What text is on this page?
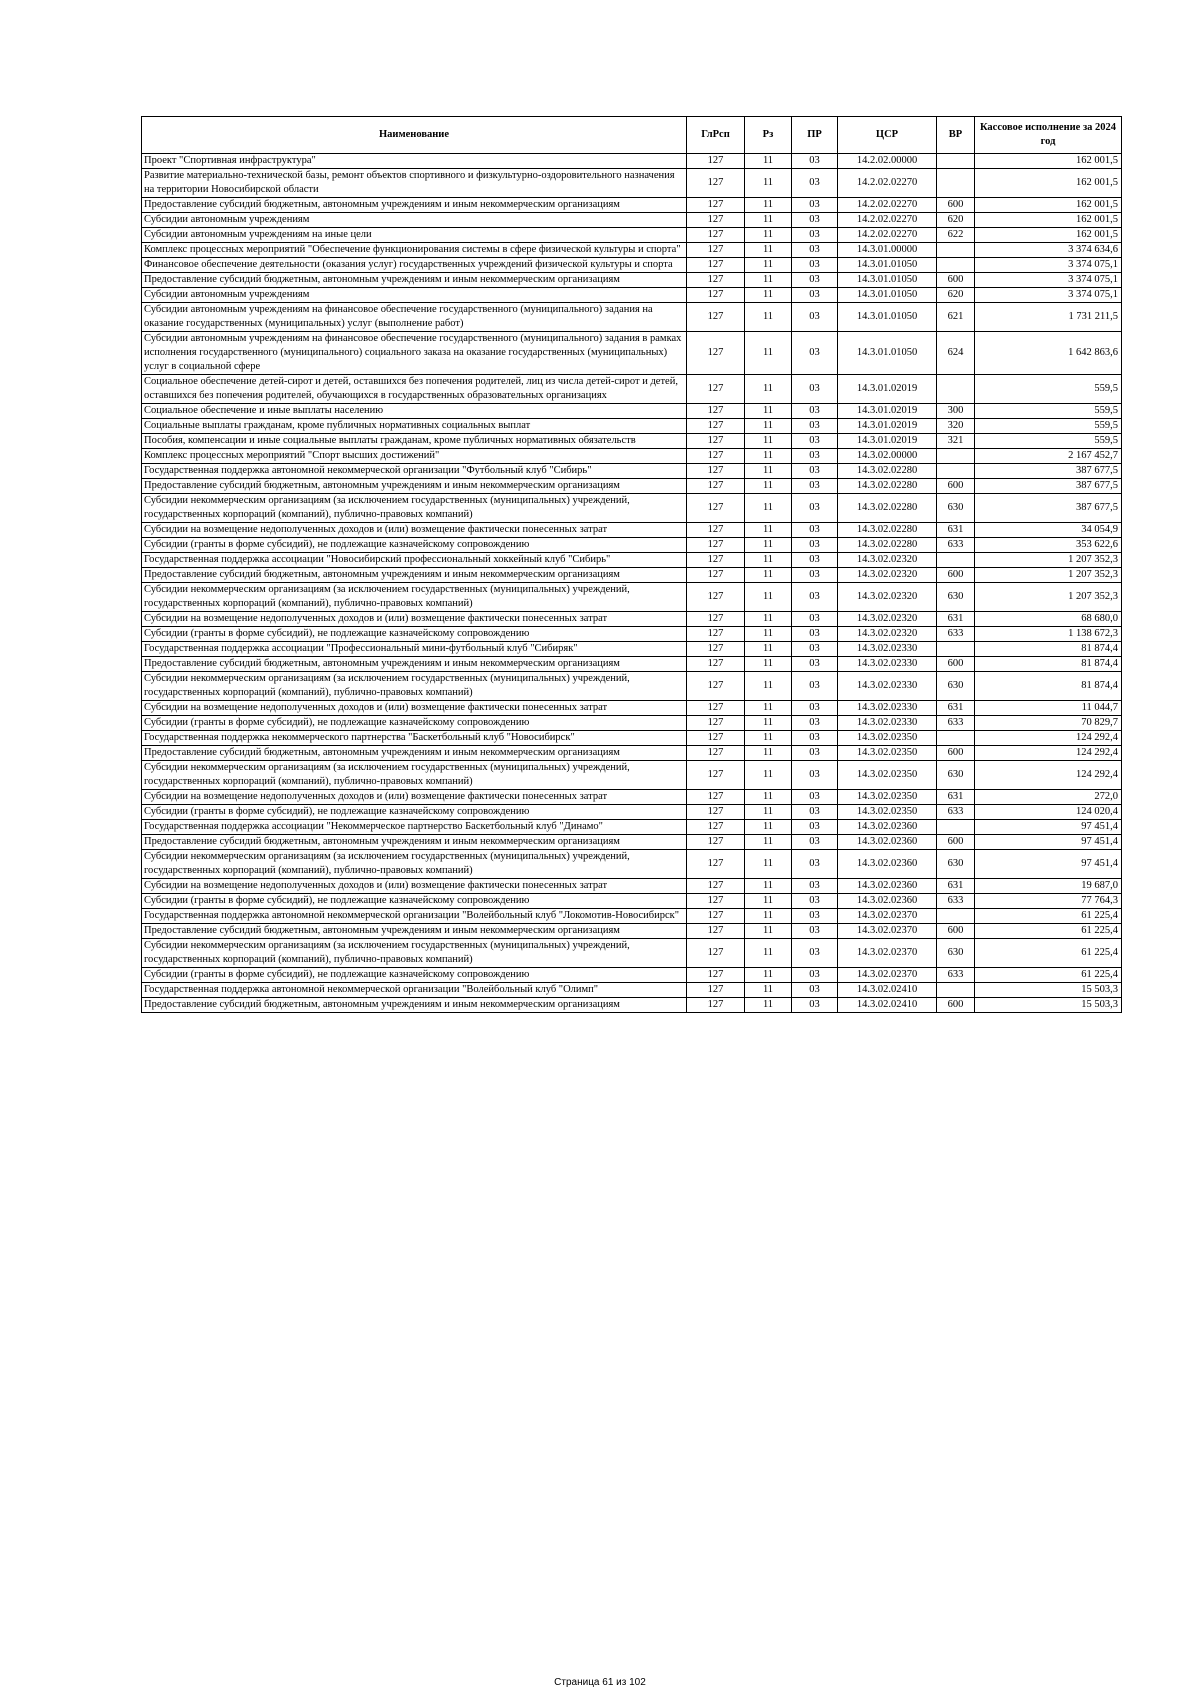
Наименование	ГлРсп	Рз	ПР	ЦСР	ВР	Кассовое исполнение за 2024 год
Проект "Спортивная инфраструктура"	127	11	03	14.2.02.00000		162 001,5
Развитие материально-технической базы, ремонт объектов спортивного и физкультурно-оздоровительного назначения на территории Новосибирской области	127	11	03	14.2.02.02270		162 001,5
Предоставление субсидий бюджетным, автономным учреждениям и иным некоммерческим организациям	127	11	03	14.2.02.02270	600	162 001,5
Субсидии автономным учреждениям	127	11	03	14.2.02.02270	620	162 001,5
Субсидии автономным учреждениям на иные цели	127	11	03	14.2.02.02270	622	162 001,5
Комплекс процессных мероприятий "Обеспечение функционирования системы в сфере физической культуры и спорта"	127	11	03	14.3.01.00000		3 374 634,6
Финансовое обеспечение деятельности (оказания услуг) государственных учреждений физической культуры и спорта	127	11	03	14.3.01.01050		3 374 075,1
Предоставление субсидий бюджетным, автономным учреждениям и иным некоммерческим организациям	127	11	03	14.3.01.01050	600	3 374 075,1
Субсидии автономным учреждениям	127	11	03	14.3.01.01050	620	3 374 075,1
Субсидии автономным учреждениям на финансовое обеспечение государственного (муниципального) задания на оказание государственных (муниципальных) услуг (выполнение работ)	127	11	03	14.3.01.01050	621	1 731 211,5
Субсидии автономным учреждениям на финансовое обеспечение государственного (муниципального) задания в рамках исполнения государственного (муниципального) социального заказа на оказание государственных (муниципальных) услуг в социальной сфере	127	11	03	14.3.01.01050	624	1 642 863,6
Социальное обеспечение детей-сирот и детей, оставшихся без попечения родителей, лиц из числа детей-сирот и детей, оставшихся без попечения родителей, обучающихся в государственных образовательных организациях	127	11	03	14.3.01.02019		559,5
Социальное обеспечение и иные выплаты населению	127	11	03	14.3.01.02019	300	559,5
Социальные выплаты гражданам, кроме публичных нормативных социальных выплат	127	11	03	14.3.01.02019	320	559,5
Пособия, компенсации и иные социальные выплаты гражданам, кроме публичных нормативных обязательств	127	11	03	14.3.01.02019	321	559,5
Комплекс процессных мероприятий "Спорт высших достижений"	127	11	03	14.3.02.00000		2 167 452,7
Государственная поддержка автономной некоммерческой организации "Футбольный клуб "Сибирь"	127	11	03	14.3.02.02280		387 677,5
Предоставление субсидий бюджетным, автономным учреждениям и иным некоммерческим организациям	127	11	03	14.3.02.02280	600	387 677,5
Субсидии некоммерческим организациям (за исключением государственных (муниципальных) учреждений, государственных корпораций (компаний), публично-правовых компаний)	127	11	03	14.3.02.02280	630	387 677,5
Субсидии на возмещение недополученных доходов и (или) возмещение фактически понесенных затрат	127	11	03	14.3.02.02280	631	34 054,9
Субсидии (гранты в форме субсидий), не подлежащие казначейскому сопровождению	127	11	03	14.3.02.02280	633	353 622,6
Государственная поддержка ассоциации "Новосибирский профессиональный хоккейный клуб "Сибирь"	127	11	03	14.3.02.02320		1 207 352,3
Предоставление субсидий бюджетным, автономным учреждениям и иным некоммерческим организациям	127	11	03	14.3.02.02320	600	1 207 352,3
Субсидии некоммерческим организациям (за исключением государственных (муниципальных) учреждений, государственных корпораций (компаний), публично-правовых компаний)	127	11	03	14.3.02.02320	630	1 207 352,3
Субсидии на возмещение недополученных доходов и (или) возмещение фактически понесенных затрат	127	11	03	14.3.02.02320	631	68 680,0
Субсидии (гранты в форме субсидий), не подлежащие казначейскому сопровождению	127	11	03	14.3.02.02320	633	1 138 672,3
Государственная поддержка ассоциации "Профессиональный мини-футбольный клуб "Сибиряк"	127	11	03	14.3.02.02330		81 874,4
Предоставление субсидий бюджетным, автономным учреждениям и иным некоммерческим организациям	127	11	03	14.3.02.02330	600	81 874,4
Субсидии некоммерческим организациям (за исключением государственных (муниципальных) учреждений, государственных корпораций (компаний), публично-правовых компаний)	127	11	03	14.3.02.02330	630	81 874,4
Субсидии на возмещение недополученных доходов и (или) возмещение фактически понесенных затрат	127	11	03	14.3.02.02330	631	11 044,7
Субсидии (гранты в форме субсидий), не подлежащие казначейскому сопровождению	127	11	03	14.3.02.02330	633	70 829,7
Государственная поддержка некоммерческого партнерства "Баскетбольный клуб "Новосибирск"	127	11	03	14.3.02.02350		124 292,4
Предоставление субсидий бюджетным, автономным учреждениям и иным некоммерческим организациям	127	11	03	14.3.02.02350	600	124 292,4
Субсидии некоммерческим организациям (за исключением государственных (муниципальных) учреждений, государственных корпораций (компаний), публично-правовых компаний)	127	11	03	14.3.02.02350	630	124 292,4
Субсидии на возмещение недополученных доходов и (или) возмещение фактически понесенных затрат	127	11	03	14.3.02.02350	631	272,0
Субсидии (гранты в форме субсидий), не подлежащие казначейскому сопровождению	127	11	03	14.3.02.02350	633	124 020,4
Государственная поддержка ассоциации "Некоммерческое партнерство Баскетбольный клуб "Динамо"	127	11	03	14.3.02.02360		97 451,4
Предоставление субсидий бюджетным, автономным учреждениям и иным некоммерческим организациям	127	11	03	14.3.02.02360	600	97 451,4
Субсидии некоммерческим организациям (за исключением государственных (муниципальных) учреждений, государственных корпораций (компаний), публично-правовых компаний)	127	11	03	14.3.02.02360	630	97 451,4
Субсидии на возмещение недополученных доходов и (или) возмещение фактически понесенных затрат	127	11	03	14.3.02.02360	631	19 687,0
Субсидии (гранты в форме субсидий), не подлежащие казначейскому сопровождению	127	11	03	14.3.02.02360	633	77 764,3
Государственная поддержка автономной некоммерческой организации "Волейбольный клуб "Локомотив-Новосибирск"	127	11	03	14.3.02.02370		61 225,4
Предоставление субсидий бюджетным, автономным учреждениям и иным некоммерческим организациям	127	11	03	14.3.02.02370	600	61 225,4
Субсидии некоммерческим организациям (за исключением государственных (муниципальных) учреждений, государственных корпораций (компаний), публично-правовых компаний)	127	11	03	14.3.02.02370	630	61 225,4
Субсидии (гранты в форме субсидий), не подлежащие казначейскому сопровождению	127	11	03	14.3.02.02370	633	61 225,4
Государственная поддержка автономной некоммерческой организации "Волейбольный клуб "Олимп"	127	11	03	14.3.02.02410		15 503,3
Предоставление субсидий бюджетным, автономным учреждениям и иным некоммерческим организациям	127	11	03	14.3.02.02410	600	15 503,3
Страница 61 из 102
